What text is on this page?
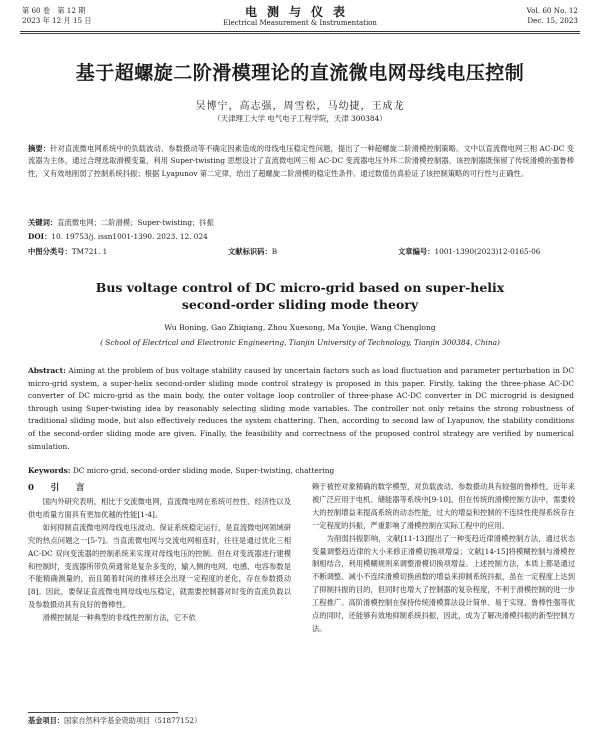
第 60 卷　第 12 期
2023 年 12 月 15 日
电测与仪表
Electrical Measurement & Instrumentation
Vol. 60 No. 12
Dec. 15, 2023
基于超螺旋二阶滑模理论的直流微电网母线电压控制
吴博宁，高志强，周雪松，马幼捷，王成龙
（天津理工大学 电气电子工程学院，天津 300384）
摘要：针对直流微电网系统中的负载波动、参数摄动等不确定因素造成的母线电压稳定性问题，提出了一种超螺旋二阶滑模控制策略。文中以直流微电网三相 AC-DC 变流器为主体，通过合理选取滑模变量，利用 Super-twisting 思想设计了直流微电网三相 AC-DC 变流器电压外环二阶滑模控制器，该控制器既保留了传统滑模的强鲁棒性，又有效地削弱了控制系统抖振；根据 Lyapunov 第二定律，给出了超螺旋二阶滑模的稳定性条件。通过数值仿真验证了该控制策略的可行性与正确性。
关键词：直流微电网；二阶滑模；Super-twisting；抖振
DOI：10. 19753/j. issn1001-1390. 2023. 12. 024
中图分类号：TM721. 1	文献标识码：B	文章编号：1001-1390(2023)12-0165-06
Bus voltage control of DC micro-grid based on super-helix
second-order sliding mode theory
Wu Boning, Gao Zhiqiang, Zhou Xuesong, Ma Youjie, Wang Chenglong
( School of Electrical and Electronic Engineering, Tianjin University of Technology, Tianjin 300384, China)
Abstract: Aiming at the problem of bus voltage stability caused by uncertain factors such as load fluctuation and parameter perturbation in DC micro-grid system, a super-helix second-order sliding mode control strategy is proposed in this paper. Firstly, taking the three-phase AC-DC converter of DC micro-grid as the main body, the outer voltage loop controller of three-phase AC-DC converter in DC microgrid is designed through using Super-twisting idea by reasonably selecting sliding mode variables. The controller not only retains the strong robustness of traditional sliding mode, but also effectively reduces the system chattering. Then, according to second law of Lyapunov, the stability conditions of the second-order sliding mode are given. Finally, the feasibility and correctness of the proposed control strategy are verified by numerical simulation.
Keywords: DC micro-grid, second-order sliding mode, Super-twisting, chattering
0　引　言

国内外研究表明，相比于交流微电网，直流微电网在系统可控性、经济性以及供电质量方面具有更加优越的性能[1-4]。

如何抑制直流微电网母线电压波动、保证系统稳定运行，是直流微电网领域研究的热点问题之一[5-7]。当直流微电网与交流电网相连时，往往是通过优化三相 AC-DC 双向变流器的控制系统来实现对母线电压的控制。但在对变流器进行建模和控制时，变流器所带负荷通常是复杂多变的，输入侧的电网、电感、电容参数是不能精确测量的，而且随着时间的推移还会出现一定程度的老化，存在参数摄动[8]。因此，要保证直流微电网母线电压稳定，就需要控制器对时变的直流负载以及参数摄动具有良好的鲁棒性。

滑模控制是一种典型的非线性控制方法，它不依

赖于被控对象精确的数学模型，对负载波动、参数摄动具有较强的鲁棒性，近年来被广泛应用于电机、储能器等系统中[9-10]。但在传统的滑模控制方法中，需要较大的控制增益来提高系统的动态性能，过大的增益和控制的不连续性使得系统存在一定程度的抖振，严重影响了滑模控制在实际工程中的应用。

为削弱抖振影响，文献[11-13]提出了一种变趋近律滑模控制方法，通过状态变量调整趋近律的大小来修正滑模切换项增益；文献[14-15]将模糊控制与滑模控制相结合，利用模糊规则来调整滑模切换项增益。上述控制方法，本质上都是通过不断调整、减小不连续滑模切换函数的增益来抑制系统抖振，虽在一定程度上达到了抑制抖振的目的，但同时也增大了控制器的复杂程度，不利于滑模控制的进一步工程推广。高阶滑模控制在保持传统滑模算法设计简单、易于实现、鲁棒性强等优点的同时，还能够有效地抑制系统抖振，因此，成为了解决滑模抖振的新型控制方法。

基金项目：国家自然科学基金资助项目（51877152）
